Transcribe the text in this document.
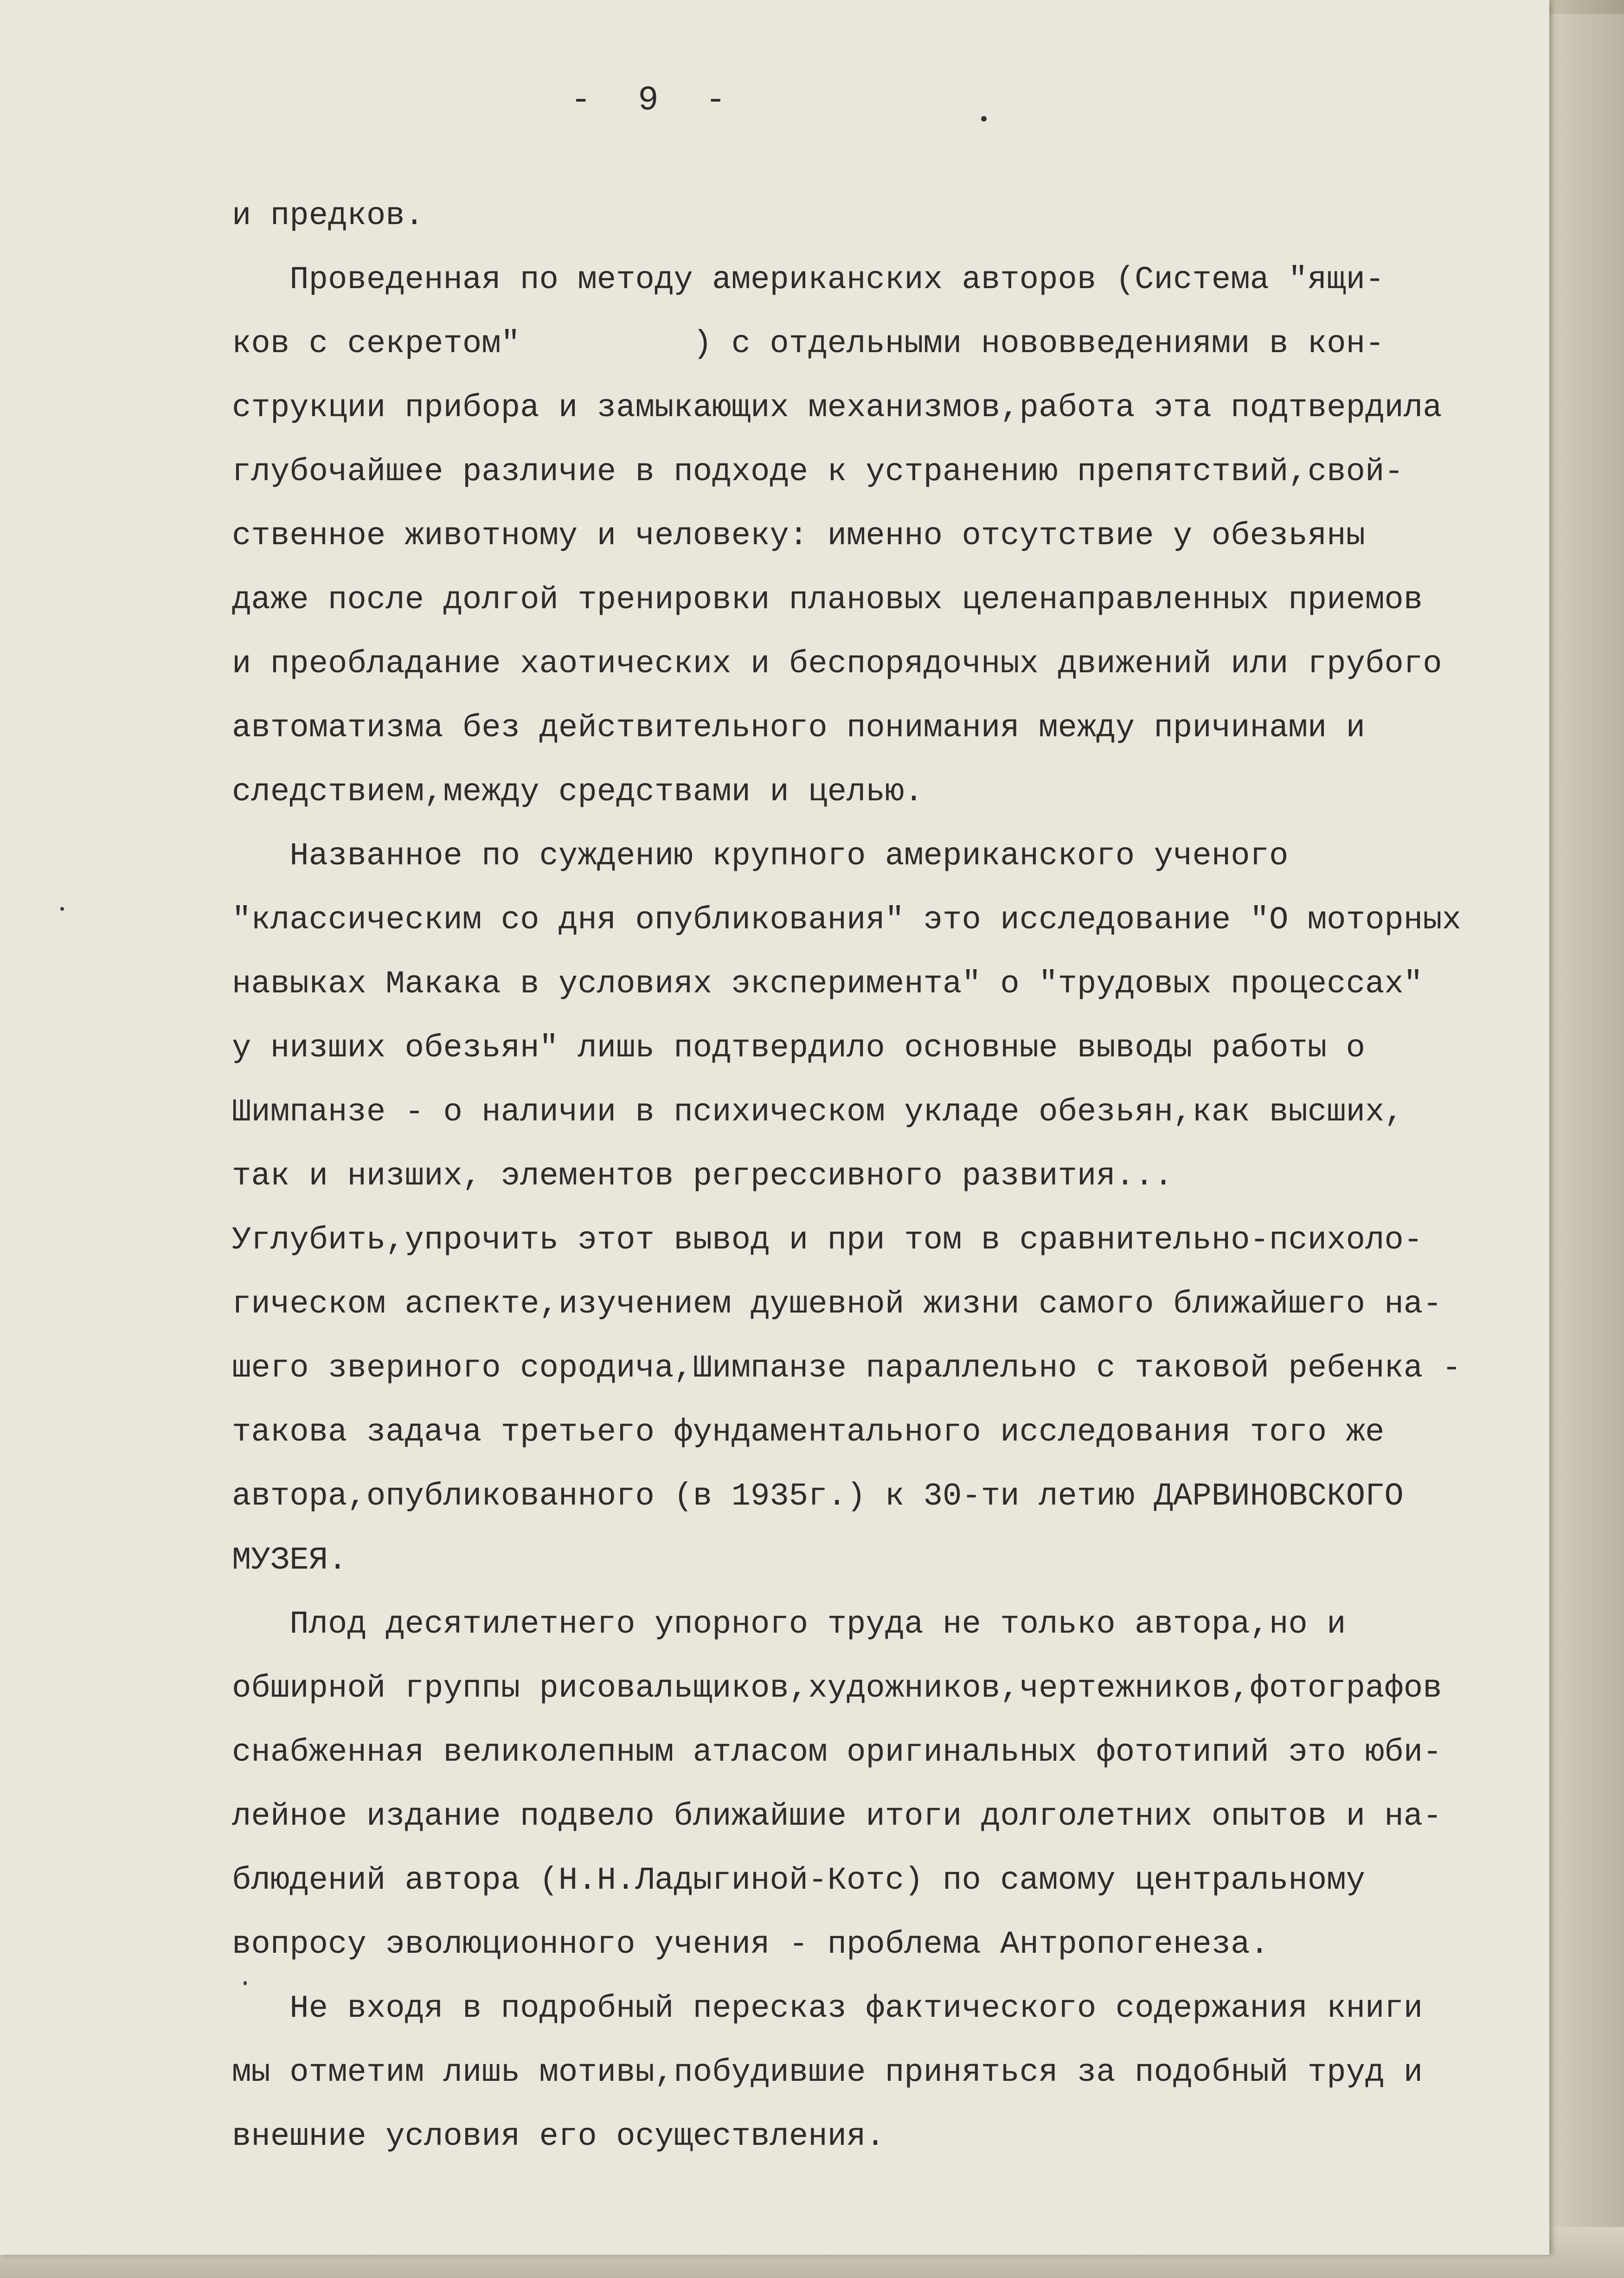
-  9  -
и предков.
Проведенная по методу американских авторов (Система "ящи-
ков с секретом"         ) с отдельными нововведениями в кон-
струкции прибора и замыкающих механизмов,работа эта подтвердила
глубочайшее различие в подходе к устранению препятствий,свой-
ственное животному и человеку: именно отсутствие у обезьяны
даже после долгой тренировки плановых целенаправленных приемов
и преобладание хаотических и беспорядочных движений или грубого
автоматизма без действительного понимания между причинами и
следствием,между средствами и целью.
Названное по суждению крупного американского ученого
"классическим со дня опубликования" это исследование "О моторных
навыках Макака в условиях эксперимента" о "трудовых процессах"
у низших обезьян" лишь подтвердило основные выводы работы о
Шимпанзе - о наличии в психическом укладе обезьян,как высших,
так и низших, элементов регрессивного развития...
Углубить,упрочить этот вывод и при том в сравнительно-психоло-
гическом аспекте,изучением душевной жизни самого ближайшего на-
шего звериного сородича,Шимпанзе параллельно с таковой ребенка -
такова задача третьего фундаментального исследования того же
автора,опубликованного (в 1935г.) к 30-ти летию ДАРВИНОВСКОГО
МУЗЕЯ.
Плод десятилетнего упорного труда не только автора,но и
обширной группы рисовальщиков,художников,чертежников,фотографов
снабженная великолепным атласом оригинальных фототипий это юби-
лейное издание подвело ближайшие итоги долголетних опытов и на-
блюдений автора (Н.Н.Ладыгиной-Котс) по самому центральному
вопросу эволюционного учения - проблема Антропогенеза.
Не входя в подробный пересказ фактического содержания книги
мы отметим лишь мотивы,побудившие приняться за подобный труд и
внешние условия его осуществления.
